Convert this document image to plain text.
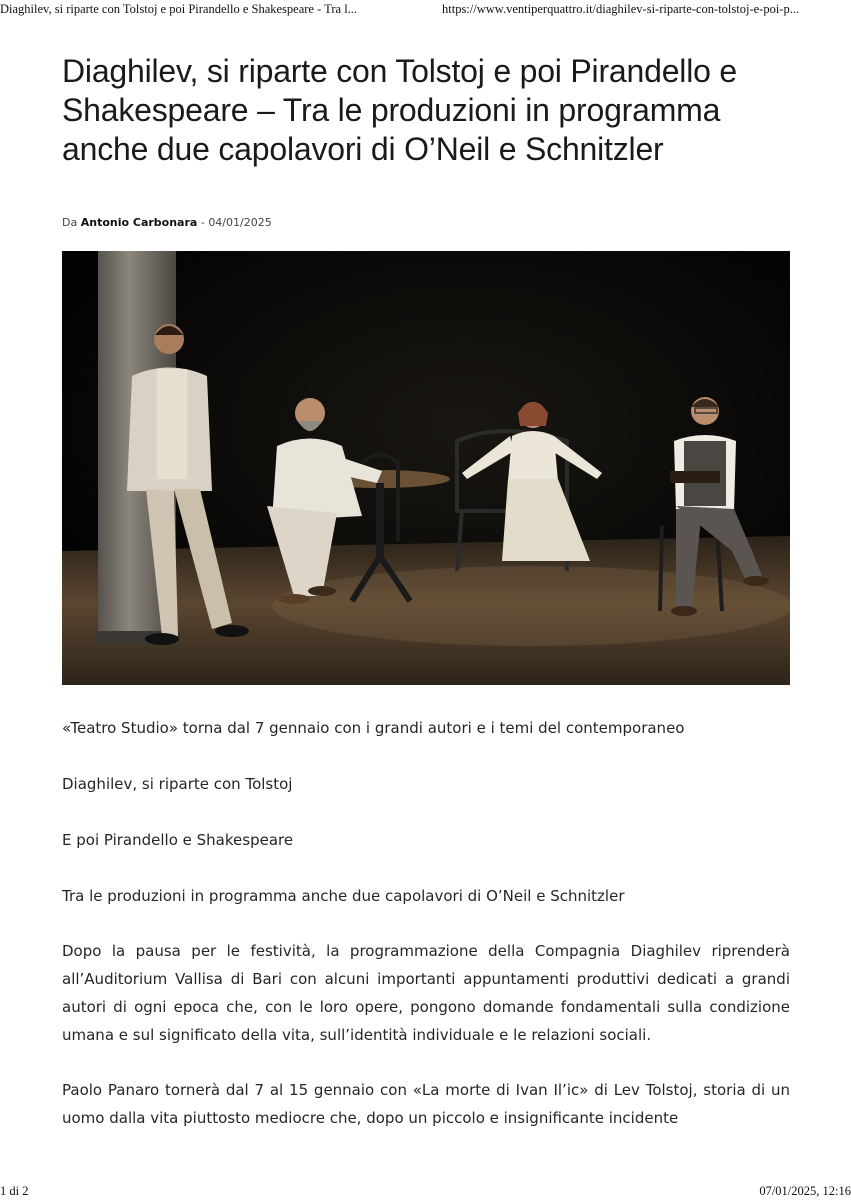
Diaghilev, si riparte con Tolstoj e poi Pirandello e Shakespeare - Tra l...	https://www.ventiperquattro.it/diaghilev-si-riparte-con-tolstoj-e-poi-p...
Diaghilev, si riparte con Tolstoj e poi Pirandello e Shakespeare – Tra le produzioni in programma anche due capolavori di O’Neil e Schnitzler
Da Antonio Carbonara - 04/01/2025

«Teatro Studio» torna dal 7 gennaio con i grandi autori e i temi del contemporaneo

Diaghilev, si riparte con Tolstoj

E poi Pirandello e Shakespeare

Tra le produzioni in programma anche due capolavori di O’Neil e Schnitzler

Dopo la pausa per le festività, la programmazione della Compagnia Diaghilev riprenderà all’Auditorium Vallisa di Bari con alcuni importanti appuntamenti produttivi dedicati a grandi autori di ogni epoca che, con le loro opere, pongono domande fondamentali sulla condizione umana e sul significato della vita, sull’identità individuale e le relazioni sociali.

Paolo Panaro tornerà dal 7 al 15 gennaio con «La morte di Ivan Il’ic» di Lev Tolstoj, storia di un uomo dalla vita piuttosto mediocre che, dopo un piccolo e insignificante incidente

1 di 2	07/01/2025, 12:16
